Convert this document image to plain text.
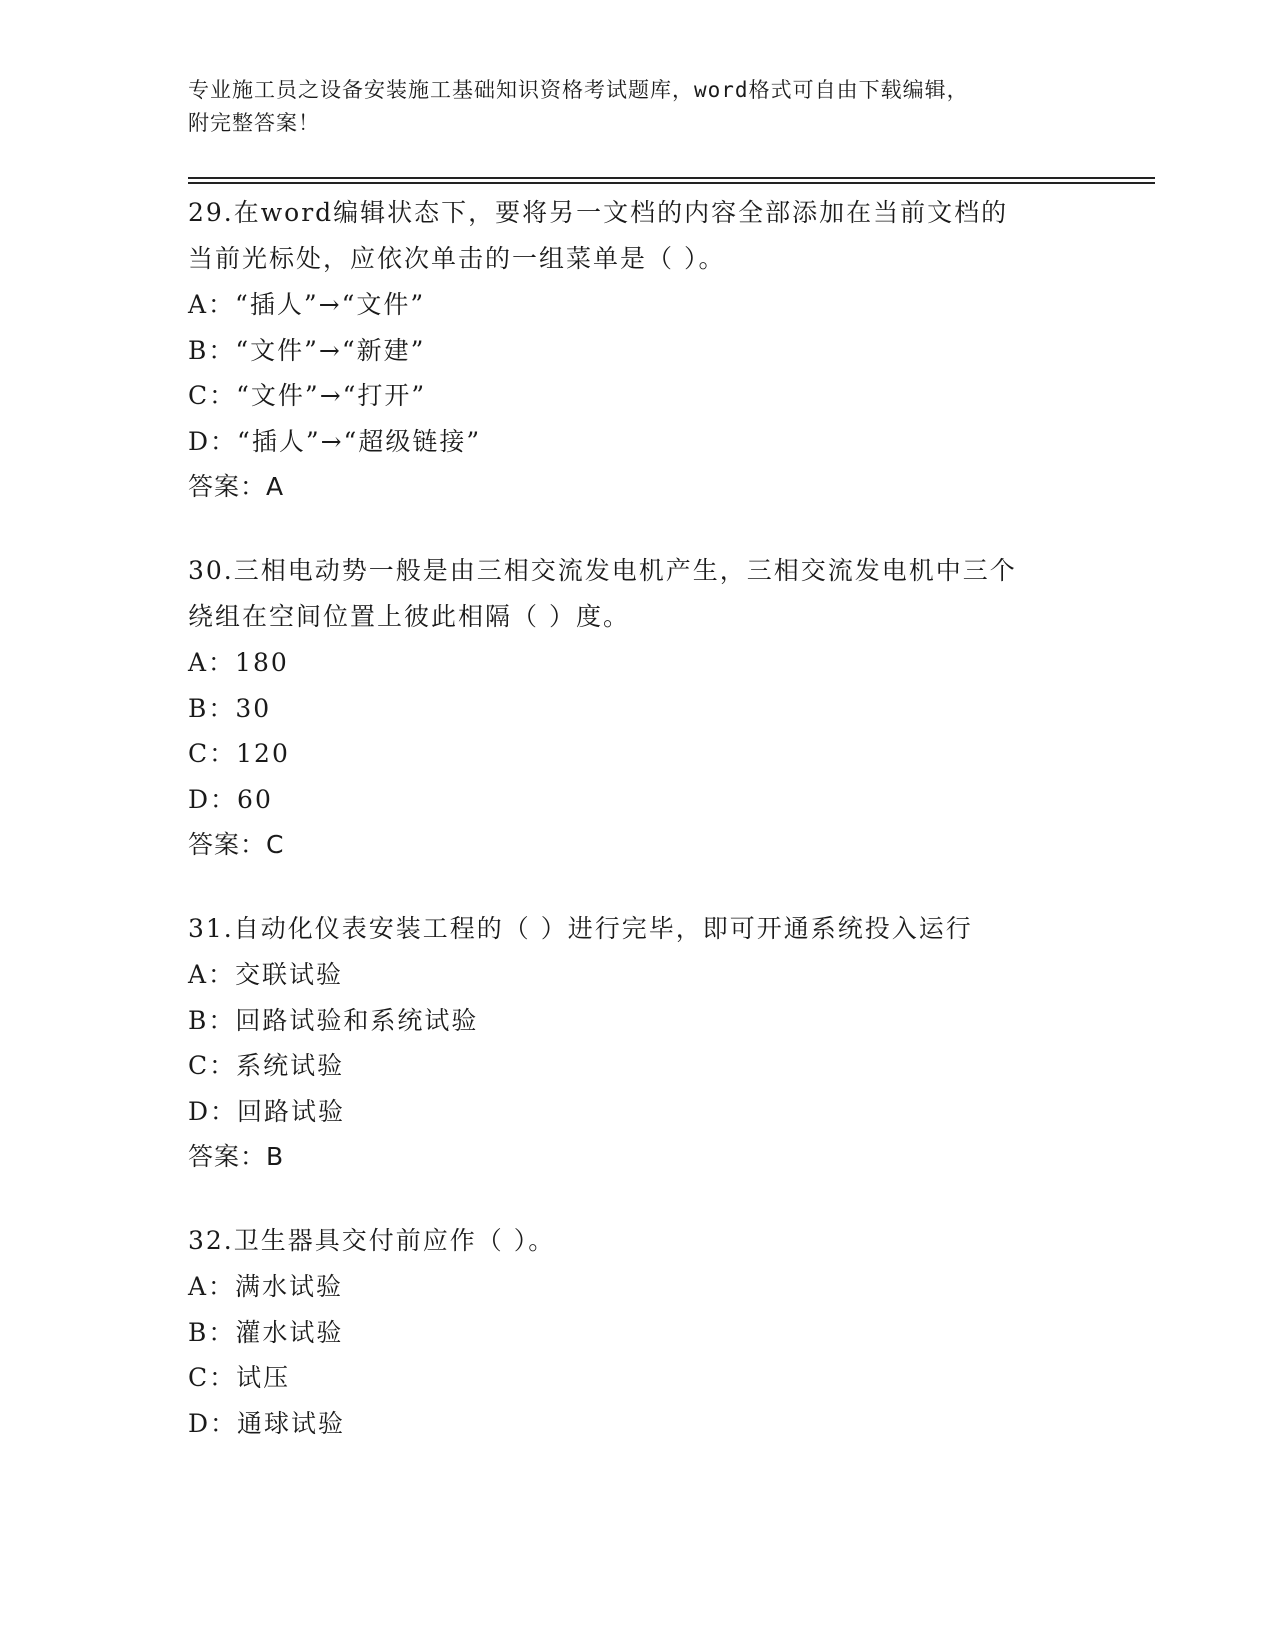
专业施工员之设备安装施工基础知识资格考试题库，word格式可自由下载编辑，
附完整答案！

29.在word编辑状态下，要将另一文档的内容全部添加在当前文档的

当前光标处，应依次单击的一组菜单是（ ）。

A：“插人”→“文件”

B：“文件”→“新建”

C：“文件”→“打开”

D：“插人”→“超级链接”

答案：A

30.三相电动势一般是由三相交流发电机产生，三相交流发电机中三个

绕组在空间位置上彼此相隔（ ）度。

A：180

B：30

C：120

D：60

答案：C

31.自动化仪表安装工程的（ ）进行完毕，即可开通系统投入运行

A：交联试验

B：回路试验和系统试验

C：系统试验

D：回路试验

答案：B

32.卫生器具交付前应作（ ）。

A：满水试验

B：灌水试验

C：试压

D：通球试验
